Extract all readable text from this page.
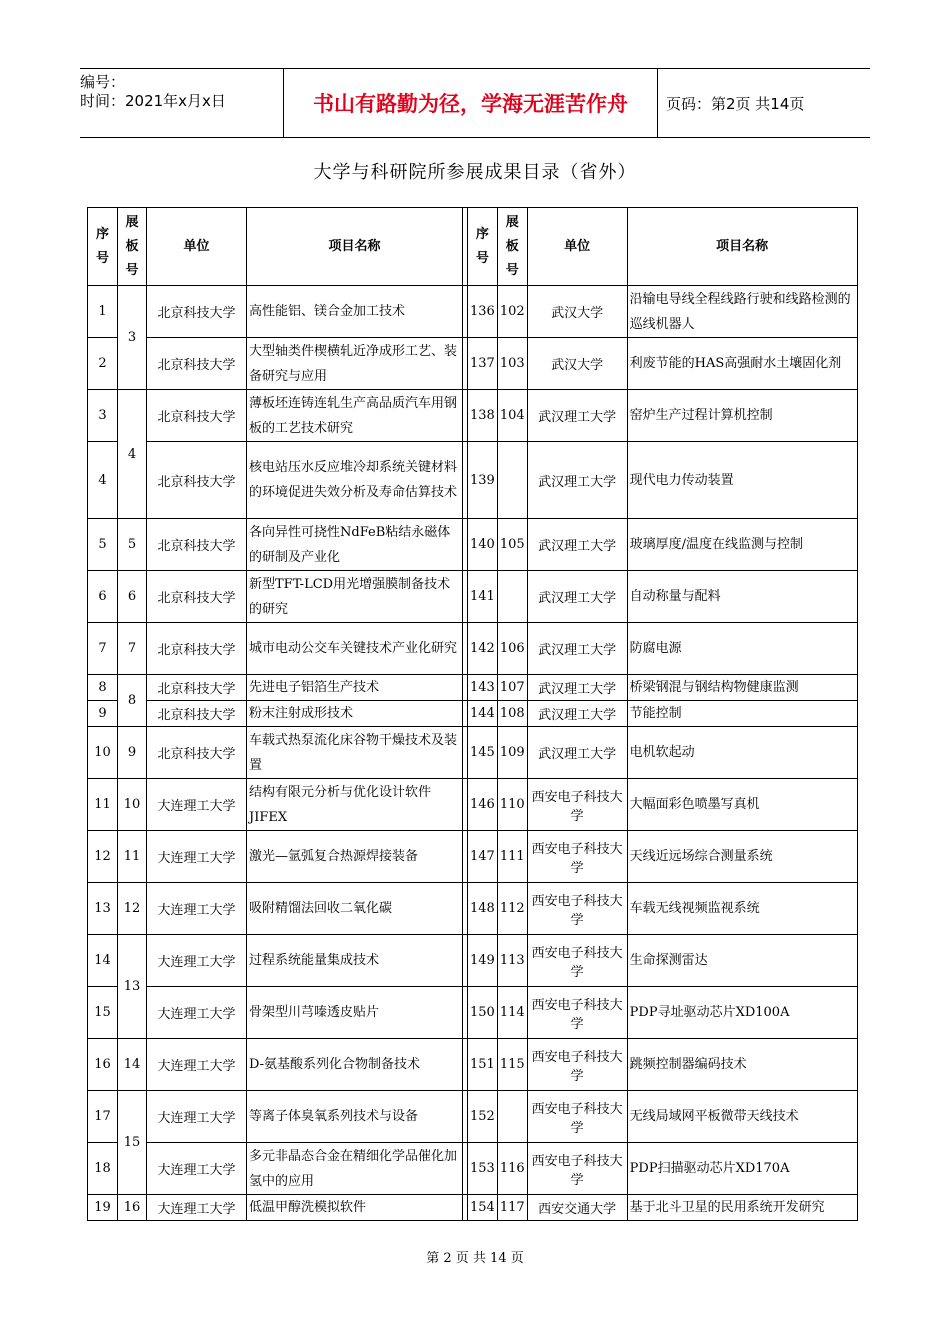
编号：
时间：2021年x月x日	书山有路勤为径，学海无涯苦作舟	页码：第2页 共14页
大学与科研院所参展成果目录（省外）
序号	展板号	单位	项目名称		序号	展板号	单位	项目名称
1	3	北京科技大学	高性能铝、镁合金加工技术		136	102	武汉大学	沿输电导线全程线路行驶和线路检测的巡线机器人
2		北京科技大学	大型轴类件楔横轧近净成形工艺、装备研究与应用		137	103	武汉大学	利废节能的HAS高强耐水土壤固化剂
3	4	北京科技大学	薄板坯连铸连轧生产高品质汽车用钢板的工艺技术研究		138	104	武汉理工大学	窑炉生产过程计算机控制
4		北京科技大学	核电站压水反应堆冷却系统关键材料的环境促进失效分析及寿命估算技术		139		武汉理工大学	现代电力传动装置
5	5	北京科技大学	各向异性可挠性NdFeB粘结永磁体的研制及产业化		140	105	武汉理工大学	玻璃厚度/温度在线监测与控制
6	6	北京科技大学	新型TFT-LCD用光增强膜制备技术的研究		141		武汉理工大学	自动称量与配料
7	7	北京科技大学	城市电动公交车关键技术产业化研究		142	106	武汉理工大学	防腐电源
8	8	北京科技大学	先进电子铝箔生产技术		143	107	武汉理工大学	桥梁钢混与钢结构物健康监测
9		北京科技大学	粉末注射成形技术		144	108	武汉理工大学	节能控制
10	9	北京科技大学	车载式热泵流化床谷物干燥技术及装置		145	109	武汉理工大学	电机软起动
11	10	大连理工大学	结构有限元分析与优化设计软件JIFEX		146	110	西安电子科技大学	大幅面彩色喷墨写真机
12	11	大连理工大学	激光—氩弧复合热源焊接装备		147	111	西安电子科技大学	天线近远场综合测量系统
13	12	大连理工大学	吸附精馏法回收二氧化碳		148	112	西安电子科技大学	车载无线视频监视系统
14	13	大连理工大学	过程系统能量集成技术		149	113	西安电子科技大学	生命探测雷达
15		大连理工大学	骨架型川芎嗪透皮贴片		150	114	西安电子科技大学	PDP寻址驱动芯片XD100A
16	14	大连理工大学	D-氨基酸系列化合物制备技术		151	115	西安电子科技大学	跳频控制器编码技术
17	15	大连理工大学	等离子体臭氧系列技术与设备		152		西安电子科技大学	无线局域网平板微带天线技术
18		大连理工大学	多元非晶态合金在精细化学品催化加氢中的应用		153	116	西安电子科技大学	PDP扫描驱动芯片XD170A
19	16	大连理工大学	低温甲醇洗模拟软件		154	117	西安交通大学	基于北斗卫星的民用系统开发研究
第 2 页 共 14 页
